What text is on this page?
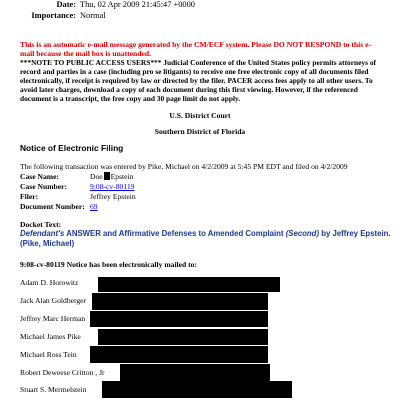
Date: Thu, 02 Apr 2009 21:45:47 +0000
Importance: Normal
This is an automatic e-mail message generated by the CM/ECF system. Please DO NOT RESPOND to this e-mail because the mail box is unattended.
***NOTE TO PUBLIC ACCESS USERS*** Judicial Conference of the United States policy permits attorneys of record and parties in a case (including pro se litigants) to receive one free electronic copy of all documents filed electronically, if receipt is required by law or directed by the filer. PACER access fees apply to all other users. To avoid later charges, download a copy of each document during this first viewing. However, if the referenced document is a transcript, the free copy and 30 page limit do not apply.
U.S. District Court
Southern District of Florida
Notice of Electronic Filing
The following transaction was entered by Pike, Michael on 4/2/2009 at 5:45 PM EDT and filed on 4/2/2009
Case Name:	Doe Epstein
Case Number:	9:08-cv-80119
Filer:	Jeffrey Epstein
Document Number: 69
Docket Text:
Defendant's ANSWER and Affirmative Defenses to Amended Complaint (Second) by Jeffrey Epstein.(Pike, Michael)
9:08-cv-80119 Notice has been electronically mailed to:
Adam D. Horowitz
Jack Alan Goldberger
Jeffrey Marc Herman
Michael James Pike
Michael Ross Tein
Robert Deweese Critton , Jr
Stuart S. Mermelstein
